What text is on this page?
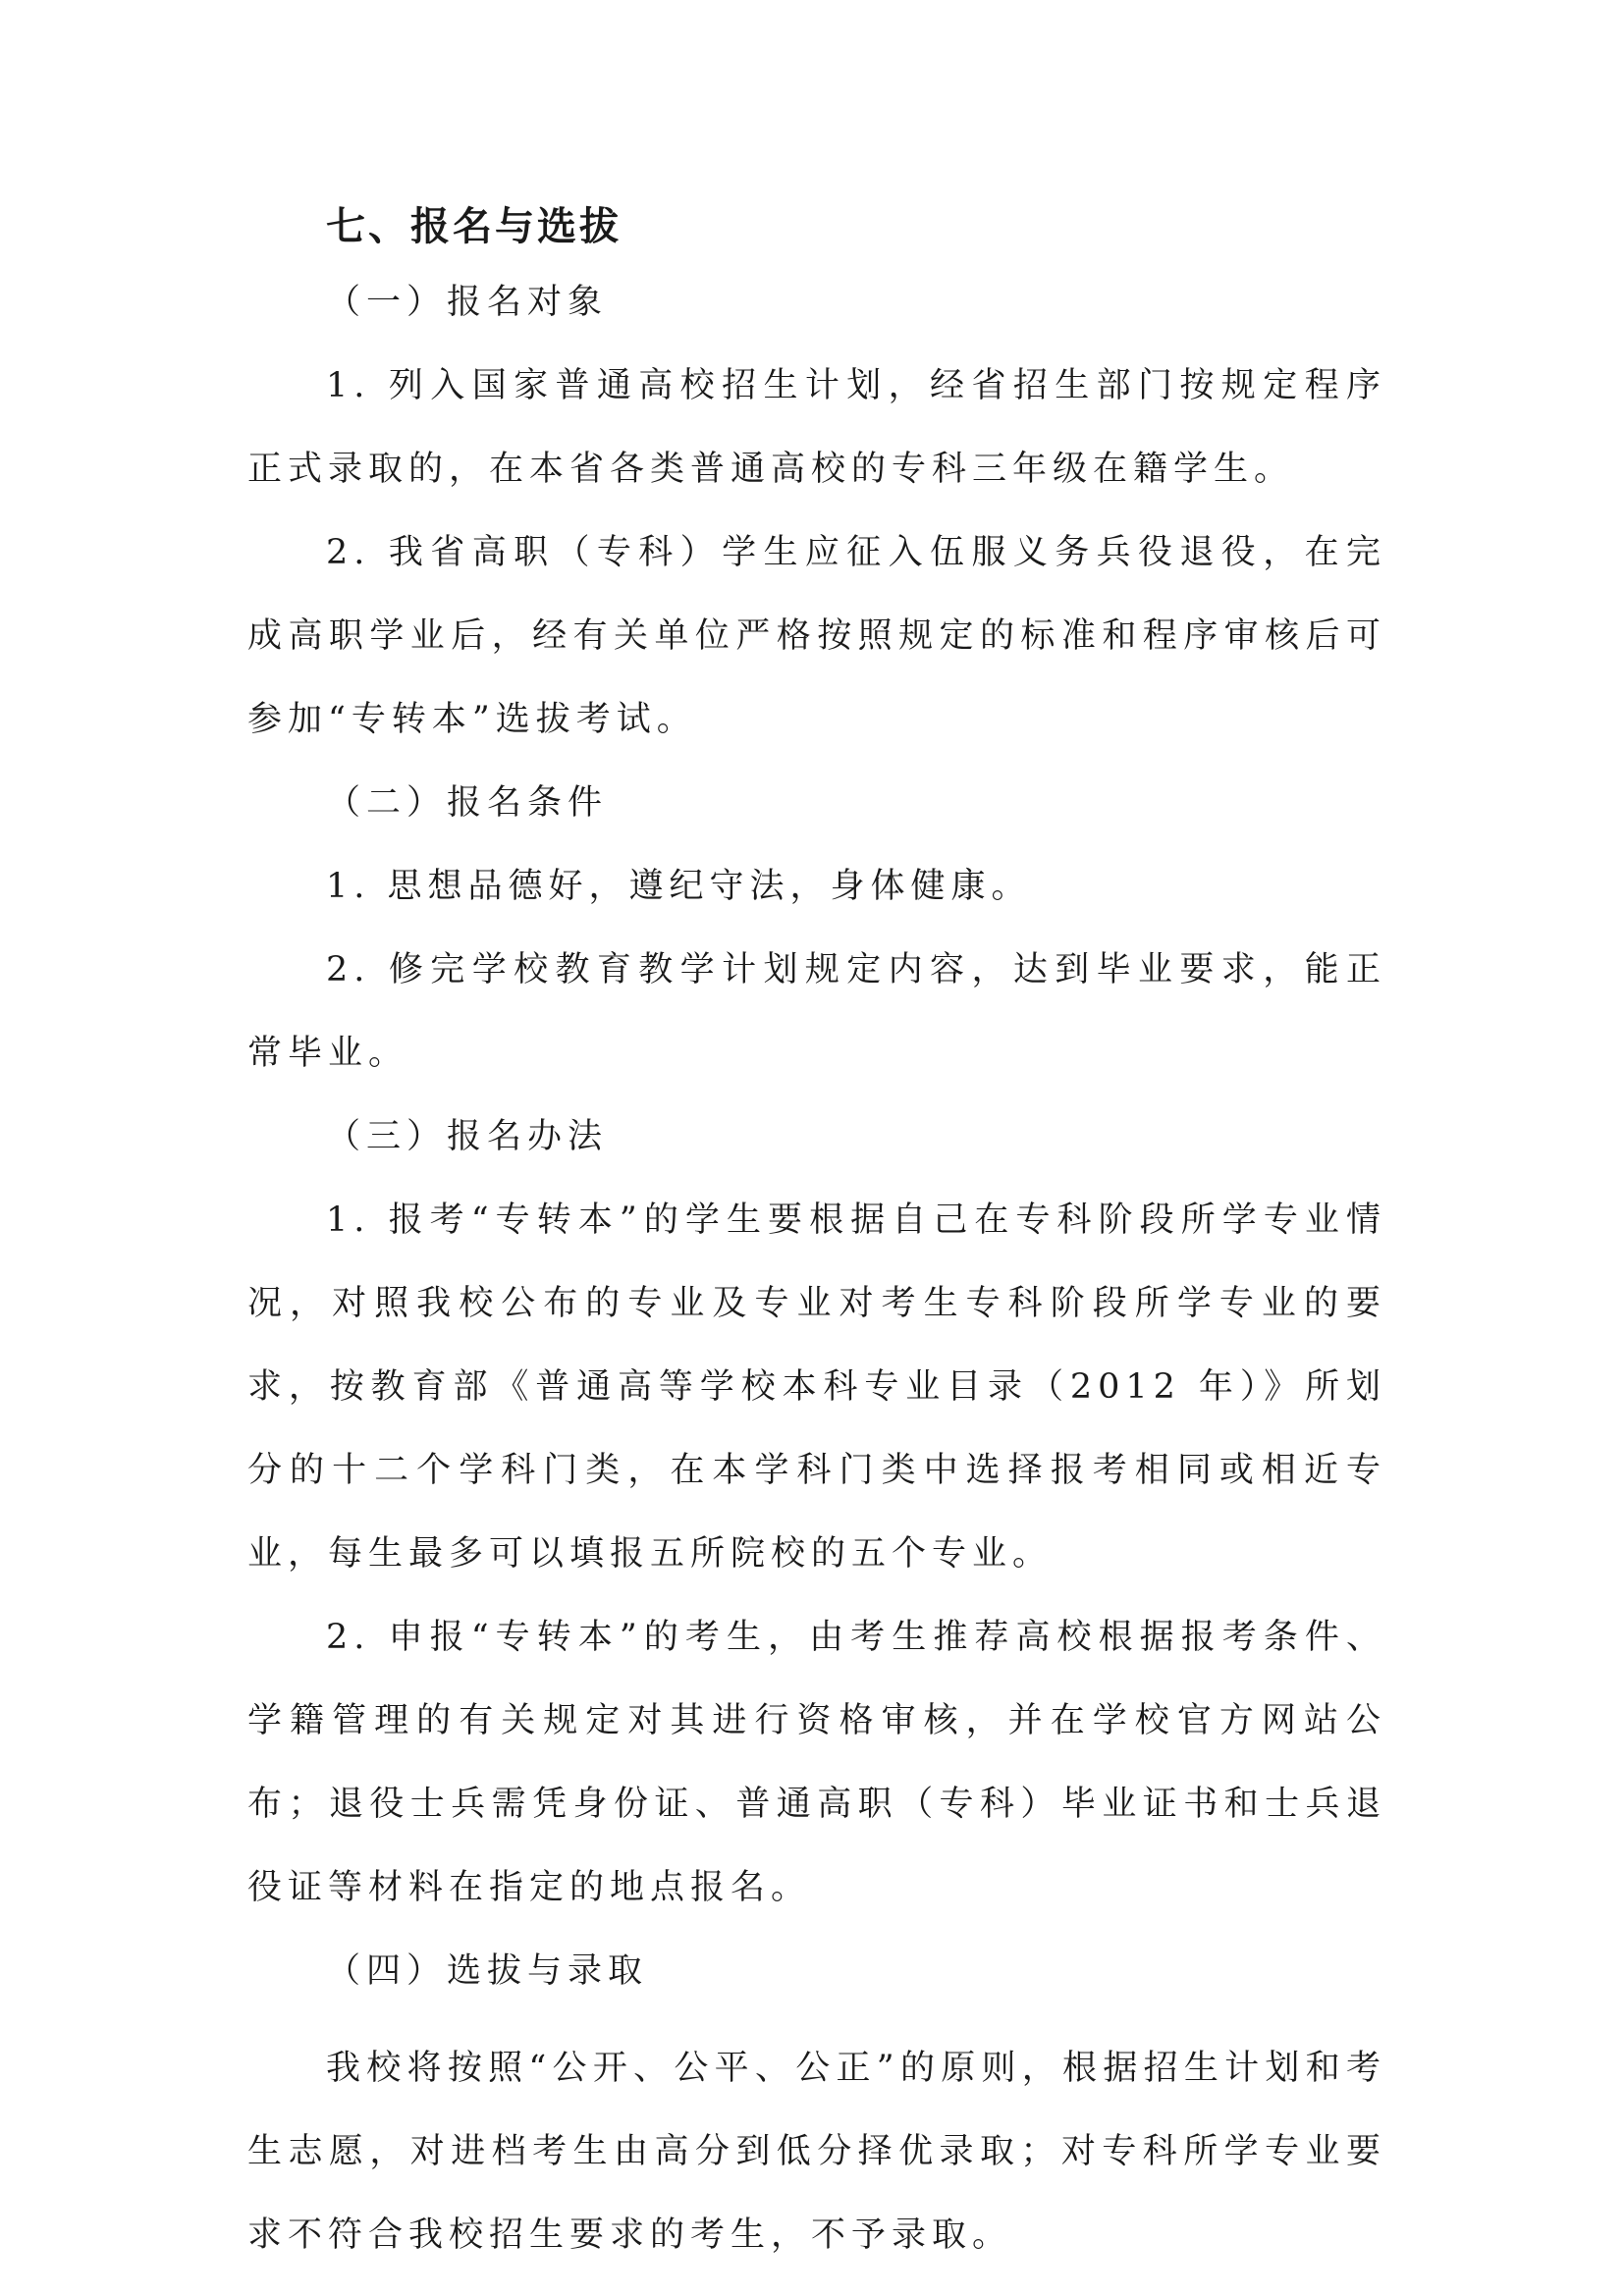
七、报名与选拔
（一）报名对象

1. 列入国家普通高校招生计划，经省招生部门按规定程序正式录取的，在本省各类普通高校的专科三年级在籍学生。

2. 我省高职（专科）学生应征入伍服义务兵役退役，在完成高职学业后，经有关单位严格按照规定的标准和程序审核后可参加“专转本”选拔考试。

（二）报名条件

1. 思想品德好，遵纪守法，身体健康。

2. 修完学校教育教学计划规定内容，达到毕业要求，能正常毕业。

（三）报名办法

1. 报考“专转本”的学生要根据自己在专科阶段所学专业情况，对照我校公布的专业及专业对考生专科阶段所学专业的要求，按教育部《普通高等学校本科专业目录（2012 年）》所划分的十二个学科门类，在本学科门类中选择报考相同或相近专业，每生最多可以填报五所院校的五个专业。

2. 申报“专转本”的考生，由考生推荐高校根据报考条件、学籍管理的有关规定对其进行资格审核，并在学校官方网站公布；退役士兵需凭身份证、普通高职（专科）毕业证书和士兵退役证等材料在指定的地点报名。

（四）选拔与录取

我校将按照“公开、公平、公正”的原则，根据招生计划和考生志愿，对进档考生由高分到低分择优录取；对专科所学专业要求不符合我校招生要求的考生，不予录取。
